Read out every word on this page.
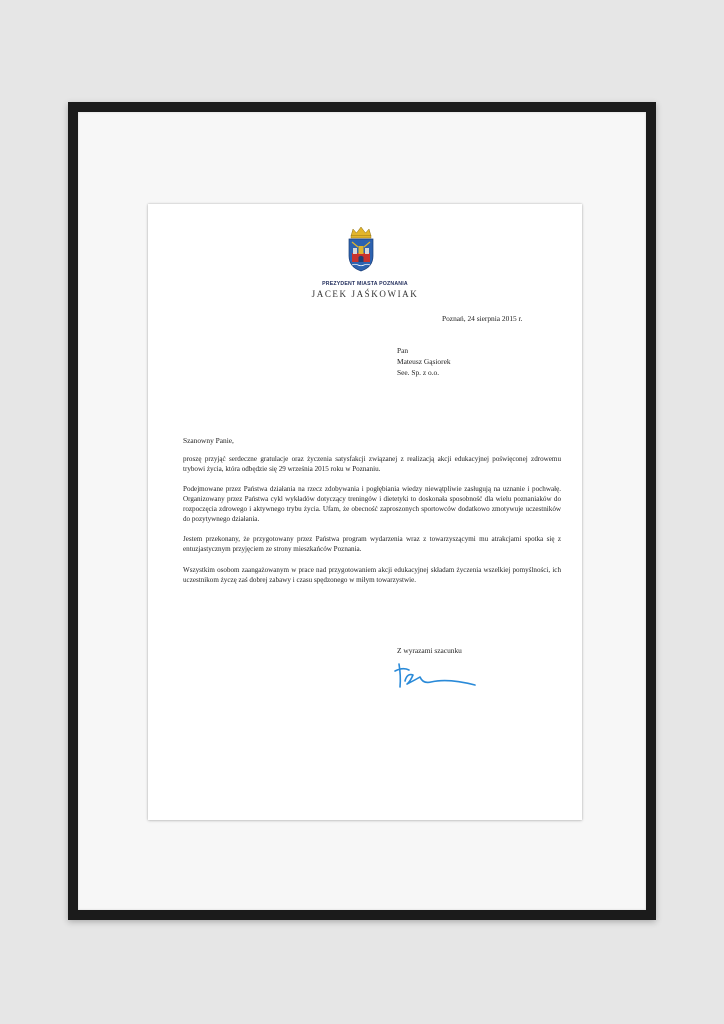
PREZYDENT MIASTA POZNANIA
JACEK JAŚKOWIAK
Poznań, 24 sierpnia 2015 r.
Pan
Mateusz Gąsiorek
See. Sp. z o.o.
Szanowny Panie,

proszę przyjąć serdeczne gratulacje oraz życzenia satysfakcji związanej z realizacją akcji edukacyjnej poświęconej zdrowemu trybowi życia, która odbędzie się 29 września 2015 roku w Poznaniu.

Podejmowane przez Państwa działania na rzecz zdobywania i pogłębiania wiedzy niewątpliwie zasługują na uznanie i pochwałę. Organizowany przez Państwa cykl wykładów dotyczący treningów i dietetyki to doskonała sposobność dla wielu poznaniaków do rozpoczęcia zdrowego i aktywnego trybu życia. Ufam, że obecność zaproszonych sportowców dodatkowo zmotywuje uczestników do pozytywnego działania.

Jestem przekonany, że przygotowany przez Państwa program wydarzenia wraz z towarzyszącymi mu atrakcjami spotka się z entuzjastycznym przyjęciem ze strony mieszkańców Poznania.

Wszystkim osobom zaangażowanym w prace nad przygotowaniem akcji edukacyjnej składam życzenia wszelkiej pomyślności, ich uczestnikom życzę zaś dobrej zabawy i czasu spędzonego w miłym towarzystwie.

Z wyrazami szacunku
